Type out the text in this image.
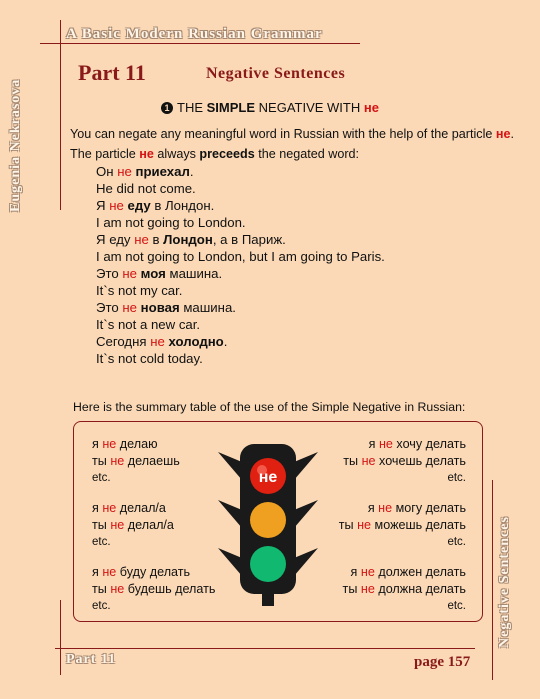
A Basic Modern Russian Grammar
Eugenia Nekrasova
Negative Sentences
Part 11	Negative Sentences
1 THE SIMPLE NEGATIVE WITH не
You can negate any meaningful word in Russian with the help of the particle не.
The particle не always preceeds the negated word:
Он не приехал.
He did not come.
Я не еду в Лондон.
I am not going to London.
Я еду не в Лондон, а в Париж.
I am not going to London, but I am going to Paris.
Это не моя машина.
It`s not my car.
Это не новая машина.
It`s not a new car.
Сегодня не холодно.
It`s not cold today.
Here is the summary table of the use of the Simple Negative in Russian:
я не делаю
ты не делаешь
etc.
я не делал/а
ты не делал/а
etc.
я не буду делать
ты не будешь делать
etc.
я не хочу делать
ты не хочешь делать
etc.
я не могу делать
ты не можешь делать
etc.
я не должен делать
ты не должна делать
etc.
не
Part 11	page 157
